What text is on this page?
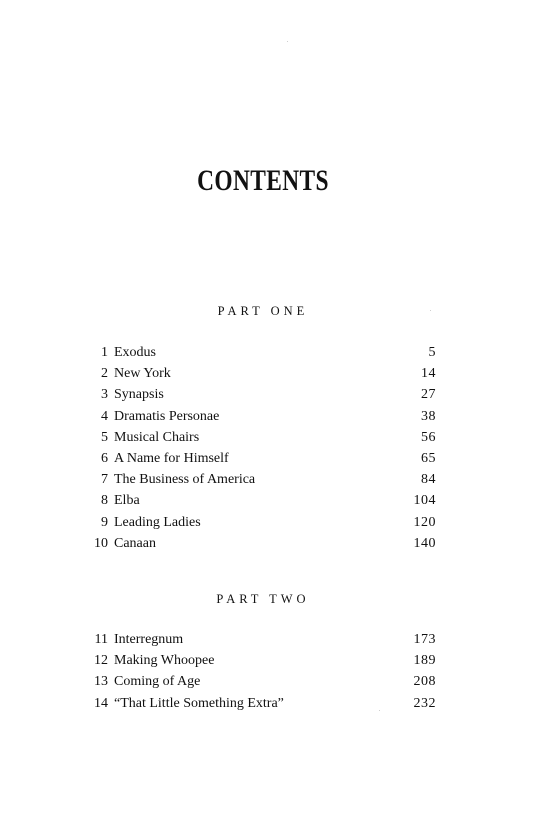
CONTENTS
PART ONE
1 Exodus	5
2 New York	14
3 Synapsis	27
4 Dramatis Personae	38
5 Musical Chairs	56
6 A Name for Himself	65
7 The Business of America	84
8 Elba	104
9 Leading Ladies	120
10 Canaan	140
PART TWO
11 Interregnum	173
12 Making Whoopee	189
13 Coming of Age	208
14 “That Little Something Extra”	232
